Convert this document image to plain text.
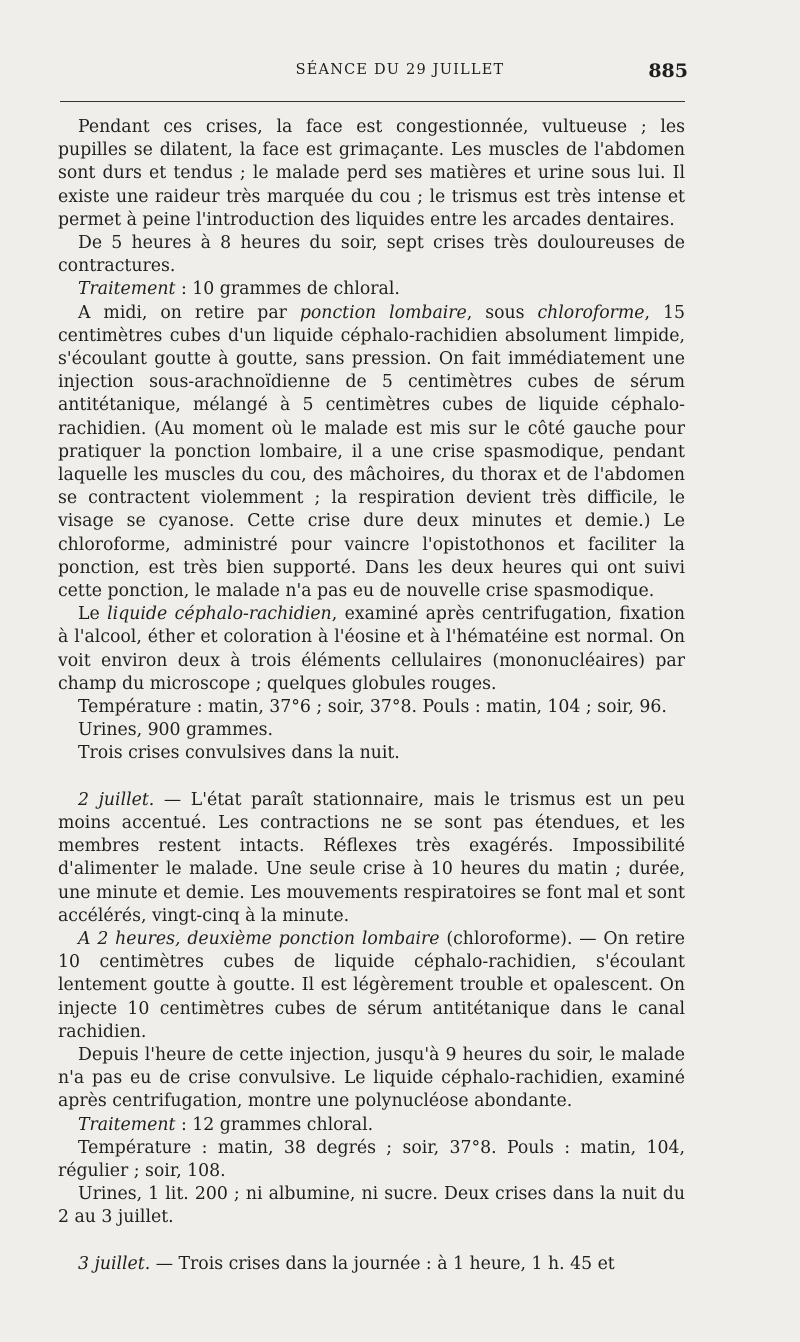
SÉANCE DU 29 JUILLET	885

Pendant ces crises, la face est congestionnée, vultueuse ; les pupilles se dilatent, la face est grimaçante. Les muscles de l'abdomen sont durs et tendus ; le malade perd ses matières et urine sous lui. Il existe une raideur très marquée du cou ; le trismus est très intense et permet à peine l'introduction des liquides entre les arcades dentaires.

De 5 heures à 8 heures du soir, sept crises très douloureuses de contractures.

Traitement : 10 grammes de chloral.

A midi, on retire par ponction lombaire, sous chloroforme, 15 centimètres cubes d'un liquide céphalo-rachidien absolument limpide, s'écoulant goutte à goutte, sans pression. On fait immédiatement une injection sous-arachnoïdienne de 5 centimètres cubes de sérum antitétanique, mélangé à 5 centimètres cubes de liquide céphalo-rachidien. (Au moment où le malade est mis sur le côté gauche pour pratiquer la ponction lombaire, il a une crise spasmodique, pendant laquelle les muscles du cou, des mâchoires, du thorax et de l'abdomen se contractent violemment ; la respiration devient très difficile, le visage se cyanose. Cette crise dure deux minutes et demie.) Le chloroforme, administré pour vaincre l'opistothonos et faciliter la ponction, est très bien supporté. Dans les deux heures qui ont suivi cette ponction, le malade n'a pas eu de nouvelle crise spasmodique.

Le liquide céphalo-rachidien, examiné après centrifugation, fixation à l'alcool, éther et coloration à l'éosine et à l'hématéine est normal. On voit environ deux à trois éléments cellulaires (mononucléaires) par champ du microscope ; quelques globules rouges.

Température : matin, 37°6 ; soir, 37°8. Pouls : matin, 104 ; soir, 96.

Urines, 900 grammes.

Trois crises convulsives dans la nuit.

2 juillet. — L'état paraît stationnaire, mais le trismus est un peu moins accentué. Les contractions ne se sont pas étendues, et les membres restent intacts. Réflexes très exagérés. Impossibilité d'alimenter le malade. Une seule crise à 10 heures du matin ; durée, une minute et demie. Les mouvements respiratoires se font mal et sont accélérés, vingt-cinq à la minute.

A 2 heures, deuxième ponction lombaire (chloroforme). — On retire 10 centimètres cubes de liquide céphalo-rachidien, s'écoulant lentement goutte à goutte. Il est légèrement trouble et opalescent. On injecte 10 centimètres cubes de sérum antitétanique dans le canal rachidien.

Depuis l'heure de cette injection, jusqu'à 9 heures du soir, le malade n'a pas eu de crise convulsive. Le liquide céphalo-rachidien, examiné après centrifugation, montre une polynucléose abondante.

Traitement : 12 grammes chloral.

Température : matin, 38 degrés ; soir, 37°8. Pouls : matin, 104, régulier ; soir, 108.

Urines, 1 lit. 200 ; ni albumine, ni sucre. Deux crises dans la nuit du 2 au 3 juillet.

3 juillet. — Trois crises dans la journée : à 1 heure, 1 h. 45 et
